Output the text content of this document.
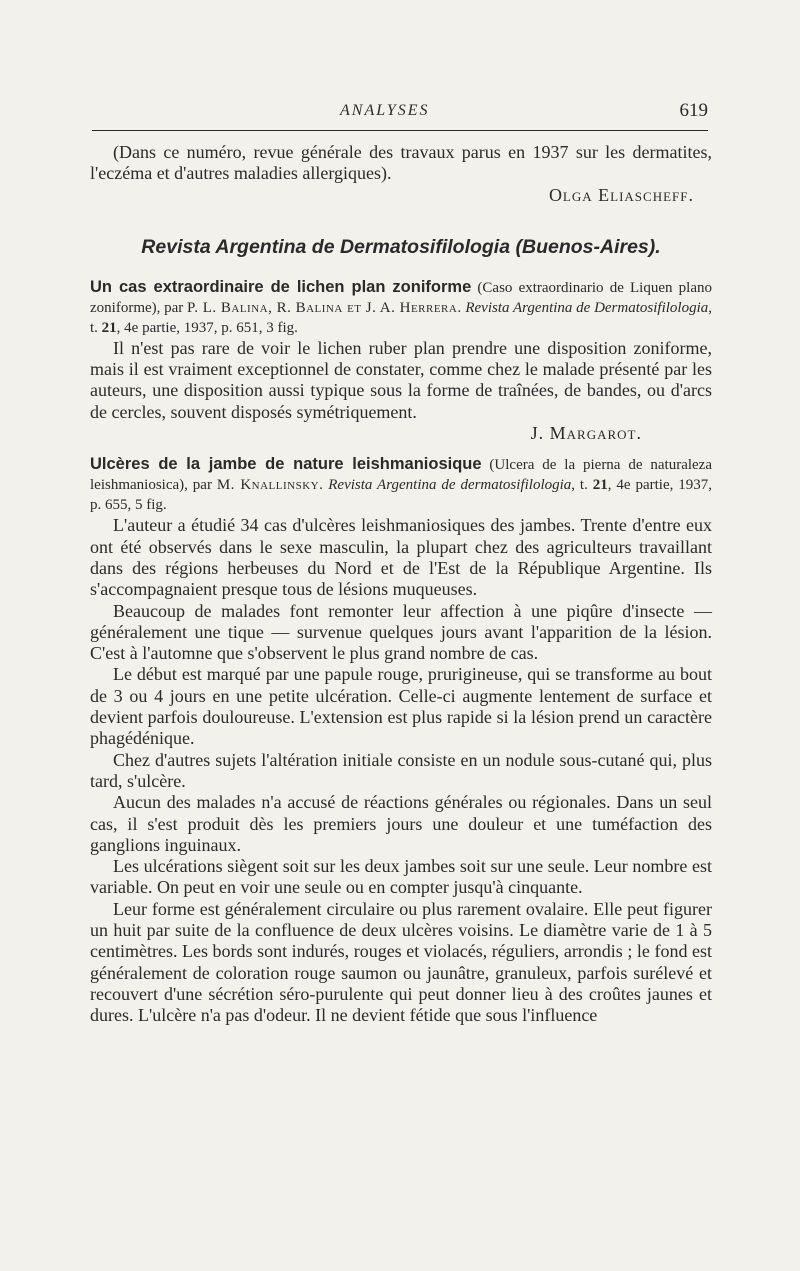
ANALYSES	619

(Dans ce numéro, revue générale des travaux parus en 1937 sur les dermatites, l'eczéma et d'autres maladies allergiques).

Olga Eliascheff.

Revista Argentina de Dermatosifilologia (Buenos-Aires).

Un cas extraordinaire de lichen plan zoniforme (Caso extraordinario de Liquen plano zoniforme), par P. L. Balina, R. Balina et J. A. Herrera. Revista Argentina de Dermatosifilologia, t. 21, 4e partie, 1937, p. 651, 3 fig.

Il n'est pas rare de voir le lichen ruber plan prendre une disposition zoniforme, mais il est vraiment exceptionnel de constater, comme chez le malade présenté par les auteurs, une disposition aussi typique sous la forme de traînées, de bandes, ou d'arcs de cercles, souvent disposés symétriquement.
J. Margarot.

Ulcères de la jambe de nature leishmaniosique (Ulcera de la pierna de naturaleza leishmaniosica), par M. Knallinsky. Revista Argentina de dermatosifilologia, t. 21, 4e partie, 1937, p. 655, 5 fig.

L'auteur a étudié 34 cas d'ulcères leishmaniosiques des jambes. Trente d'entre eux ont été observés dans le sexe masculin, la plupart chez des agriculteurs travaillant dans des régions herbeuses du Nord et de l'Est de la République Argentine. Ils s'accompagnaient presque tous de lésions muqueuses.

Beaucoup de malades font remonter leur affection à une piqûre d'insecte — généralement une tique — survenue quelques jours avant l'apparition de la lésion. C'est à l'automne que s'observent le plus grand nombre de cas.

Le début est marqué par une papule rouge, prurigineuse, qui se transforme au bout de 3 ou 4 jours en une petite ulcération. Celle-ci augmente lentement de surface et devient parfois douloureuse. L'extension est plus rapide si la lésion prend un caractère phagédénique.

Chez d'autres sujets l'altération initiale consiste en un nodule sous-cutané qui, plus tard, s'ulcère.

Aucun des malades n'a accusé de réactions générales ou régionales. Dans un seul cas, il s'est produit dès les premiers jours une douleur et une tuméfaction des ganglions inguinaux.

Les ulcérations siègent soit sur les deux jambes soit sur une seule. Leur nombre est variable. On peut en voir une seule ou en compter jusqu'à cinquante.

Leur forme est généralement circulaire ou plus rarement ovalaire. Elle peut figurer un huit par suite de la confluence de deux ulcères voisins. Le diamètre varie de 1 à 5 centimètres. Les bords sont indurés, rouges et violacés, réguliers, arrondis ; le fond est généralement de coloration rouge saumon ou jaunâtre, granuleux, parfois surélevé et recouvert d'une sécrétion séro-purulente qui peut donner lieu à des croûtes jaunes et dures. L'ulcère n'a pas d'odeur. Il ne devient fétide que sous l'influence
